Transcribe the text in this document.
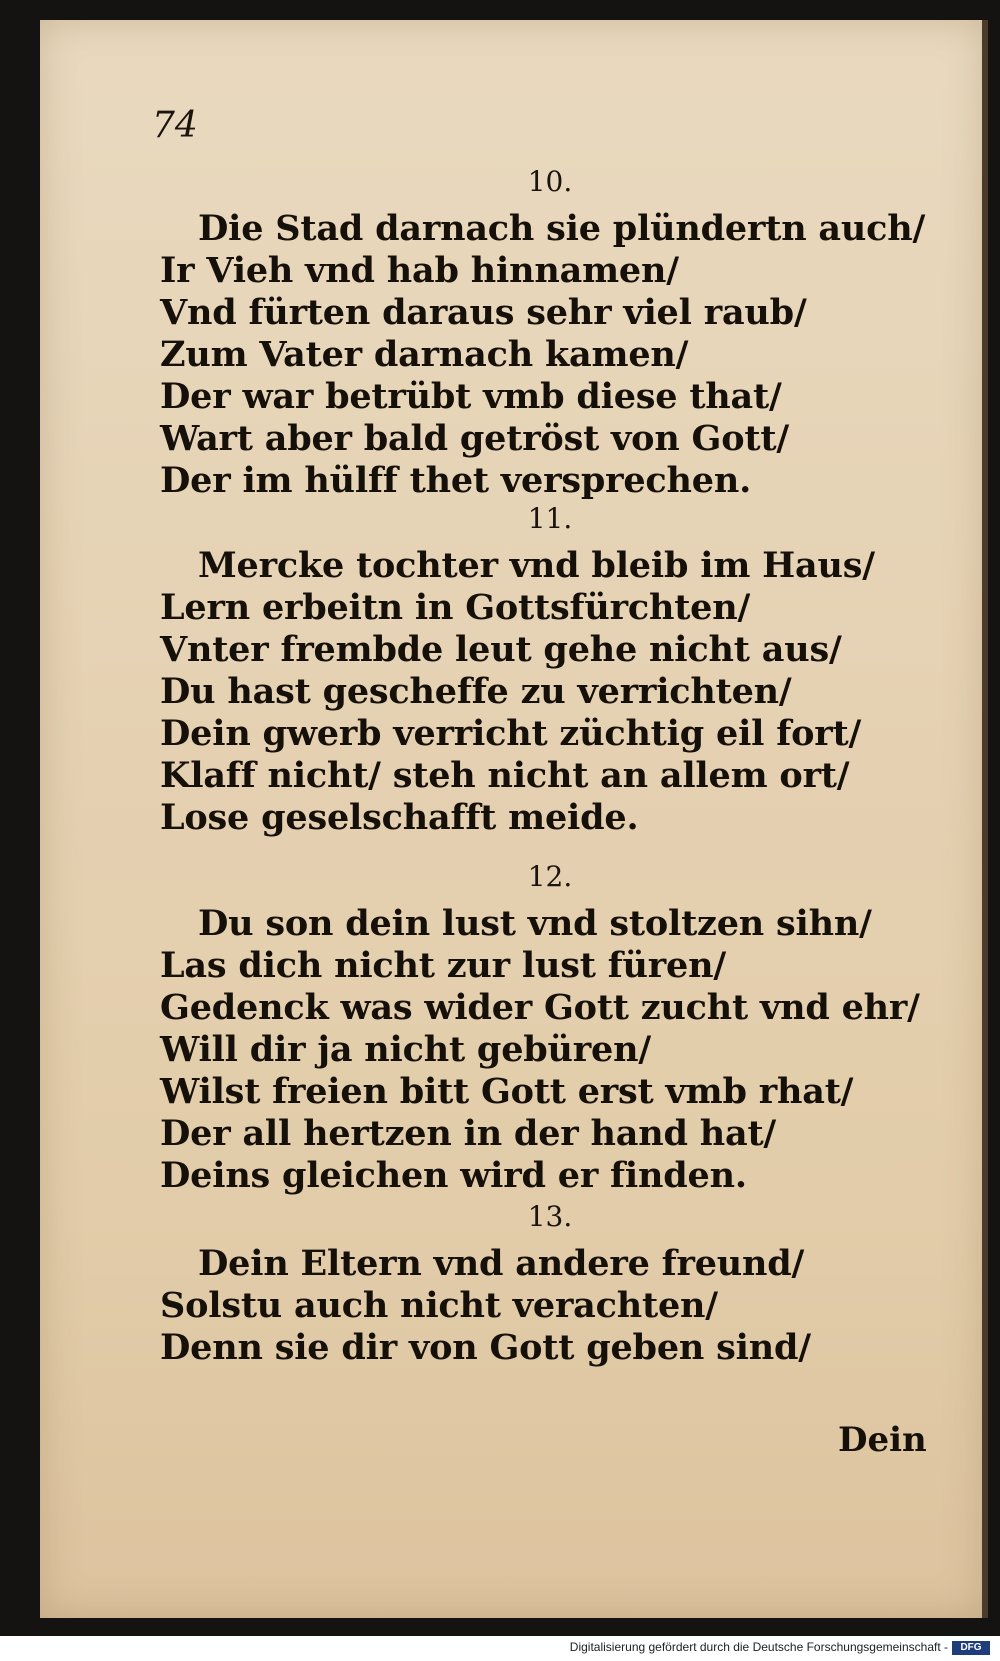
74
10.
Die Stad darnach sie plündertn auch/
Ir Vieh vnd hab hinnamen/
Vnd fürten daraus sehr viel raub/
Zum Vater darnach kamen/
Der war betrübt vmb diese that/
Wart aber bald getröst von Gott/
Der im hülff thet versprechen.
11.
Mercke tochter vnd bleib im Haus/
Lern erbeitn in Gottsfürchten/
Vnter frembde leut gehe nicht aus/
Du hast gescheffe zu verrichten/
Dein gwerb verricht züchtig eil fort/
Klaff nicht/ steh nicht an allem ort/
Lose geselschafft meide.
12.
Du son dein lust vnd stoltzen sihn/
Las dich nicht zur lust füren/
Gedenck was wider Gott zucht vnd ehr/
Will dir ja nicht gebüren/
Wilst freien bitt Gott erst vmb rhat/
Der all hertzen in der hand hat/
Deins gleichen wird er finden.
13.
Dein Eltern vnd andere freund/
Solstu auch nicht verachten/
Denn sie dir von Gott geben sind/
Dein
Digitalisierung gefördert durch die Deutsche Forschungsgemeinschaft -	DFG
